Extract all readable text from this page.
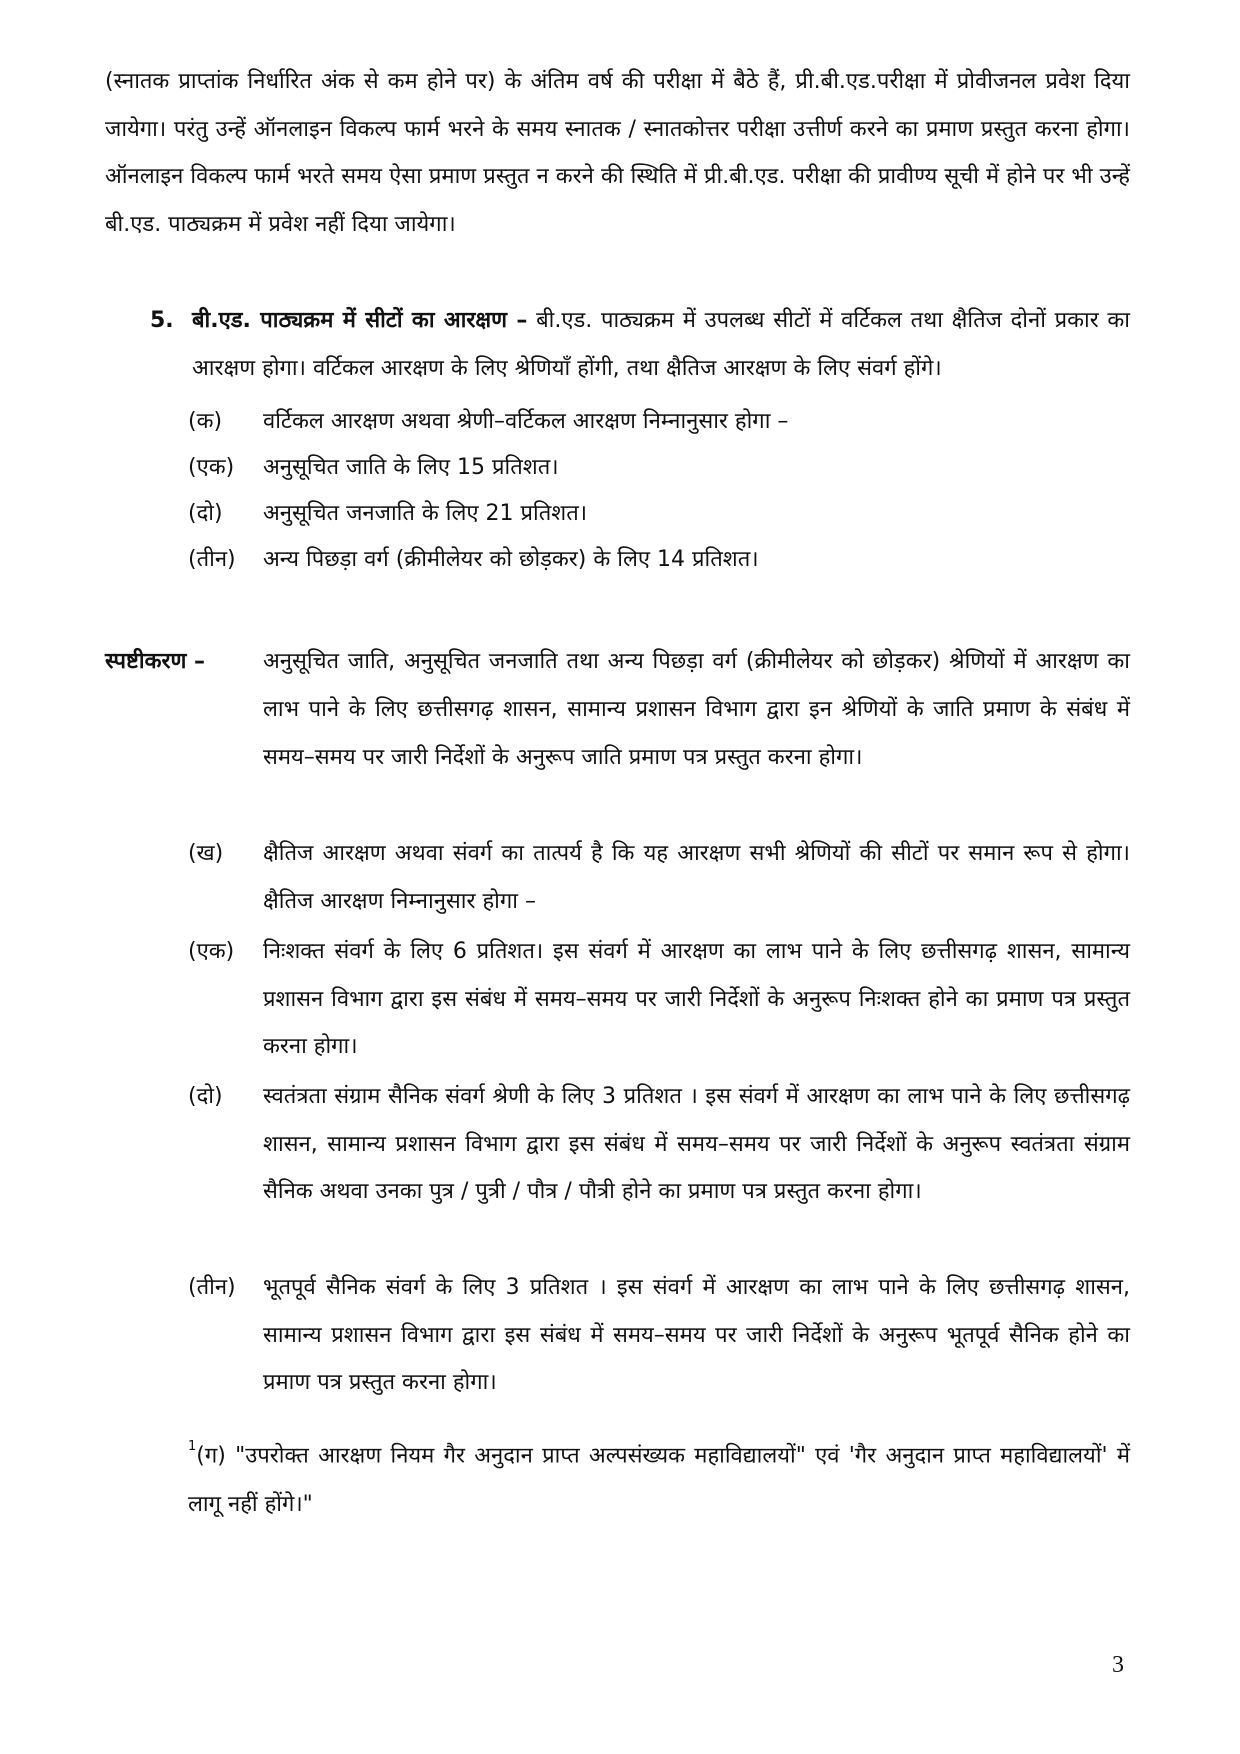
(स्नातक प्राप्तांक निर्धारित अंक से कम होने पर) के अंतिम वर्ष की परीक्षा में बैठे हैं, प्री.बी.एड.परीक्षा में प्रोवीजनल प्रवेश दिया जायेगा। परंतु उन्हें ऑनलाइन विकल्प फार्म भरने के समय स्नातक / स्नातकोत्तर परीक्षा उत्तीर्ण करने का प्रमाण प्रस्तुत करना होगा। ऑनलाइन विकल्प फार्म भरते समय ऐसा प्रमाण प्रस्तुत न करने की स्थिति में प्री.बी.एड. परीक्षा की प्रावीण्य सूची में होने पर भी उन्हें बी.एड. पाठ्यक्रम में प्रवेश नहीं दिया जायेगा।

5. बी.एड. पाठ्यक्रम में सीटों का आरक्षण – बी.एड. पाठ्यक्रम में उपलब्ध सीटों में वर्टिकल तथा क्षैतिज दोनों प्रकार का आरक्षण होगा। वर्टिकल आरक्षण के लिए श्रेणियाँ होंगी, तथा क्षैतिज आरक्षण के लिए संवर्ग होंगे।

(क) वर्टिकल आरक्षण अथवा श्रेणी–वर्टिकल आरक्षण निम्नानुसार होगा –
(एक) अनुसूचित जाति के लिए 15 प्रतिशत।
(दो) अनुसूचित जनजाति के लिए 21 प्रतिशत।
(तीन) अन्य पिछड़ा वर्ग (क्रीमीलेयर को छोड़कर) के लिए 14 प्रतिशत।
स्पष्टीकरण –	अनुसूचित जाति, अनुसूचित जनजाति तथा अन्य पिछड़ा वर्ग (क्रीमीलेयर को छोड़कर) श्रेणियों में आरक्षण का लाभ पाने के लिए छत्तीसगढ़ शासन, सामान्य प्रशासन विभाग द्वारा इन श्रेणियों के जाति प्रमाण के संबंध में समय–समय पर जारी निर्देशों के अनुरूप जाति प्रमाण पत्र प्रस्तुत करना होगा।
(ख) क्षैतिज आरक्षण अथवा संवर्ग का तात्पर्य है कि यह आरक्षण सभी श्रेणियों की सीटों पर समान रूप से होगा। क्षैतिज आरक्षण निम्नानुसार होगा –
(एक) निःशक्त संवर्ग के लिए 6 प्रतिशत। इस संवर्ग में आरक्षण का लाभ पाने के लिए छत्तीसगढ़ शासन, सामान्य प्रशासन विभाग द्वारा इस संबंध में समय–समय पर जारी निर्देशों के अनुरूप निःशक्त होने का प्रमाण पत्र प्रस्तुत करना होगा।
(दो) स्वतंत्रता संग्राम सैनिक संवर्ग श्रेणी के लिए 3 प्रतिशत । इस संवर्ग में आरक्षण का लाभ पाने के लिए छत्तीसगढ़ शासन, सामान्य प्रशासन विभाग द्वारा इस संबंध में समय–समय पर जारी निर्देशों के अनुरूप स्वतंत्रता संग्राम सैनिक अथवा उनका पुत्र / पुत्री / पौत्र / पौत्री होने का प्रमाण पत्र प्रस्तुत करना होगा।
(तीन) भूतपूर्व सैनिक संवर्ग के लिए 3 प्रतिशत । इस संवर्ग में आरक्षण का लाभ पाने के लिए छत्तीसगढ़ शासन, सामान्य प्रशासन विभाग द्वारा इस संबंध में समय–समय पर जारी निर्देशों के अनुरूप भूतपूर्व सैनिक होने का प्रमाण पत्र प्रस्तुत करना होगा।
$^1$(ग) "उपरोक्त आरक्षण नियम गैर अनुदान प्राप्त अल्पसंख्यक महाविद्यालयों" एवं 'गैर अनुदान प्राप्त महाविद्यालयों' में लागू नहीं होंगे।"
3
